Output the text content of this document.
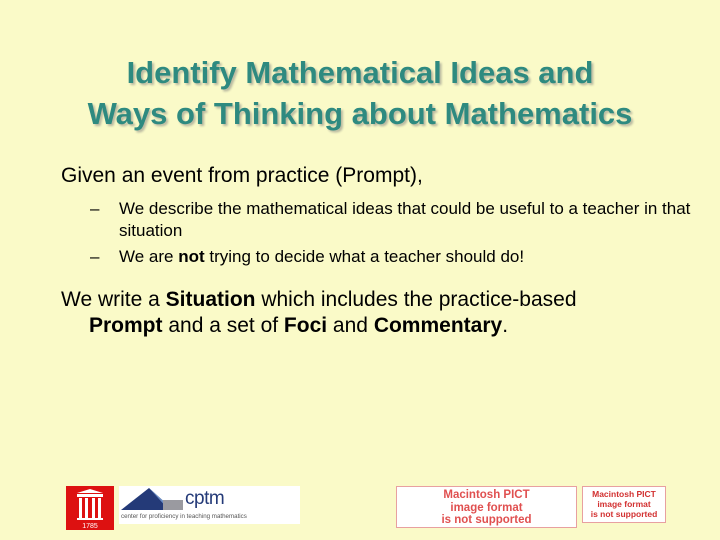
Identify Mathematical Ideas and
Ways of Thinking about Mathematics

Given an event from practice (Prompt),

– We describe the mathematical ideas that could be useful to a teacher in that situation
– We are not trying to decide what a teacher should do!

We write a Situation which includes the practice-based
Prompt and a set of Foci and Commentary.

1785
cptm
center for proficiency in teaching mathematics
Macintosh PICT
image format
is not supported
Macintosh PICT
image format
is not supported
